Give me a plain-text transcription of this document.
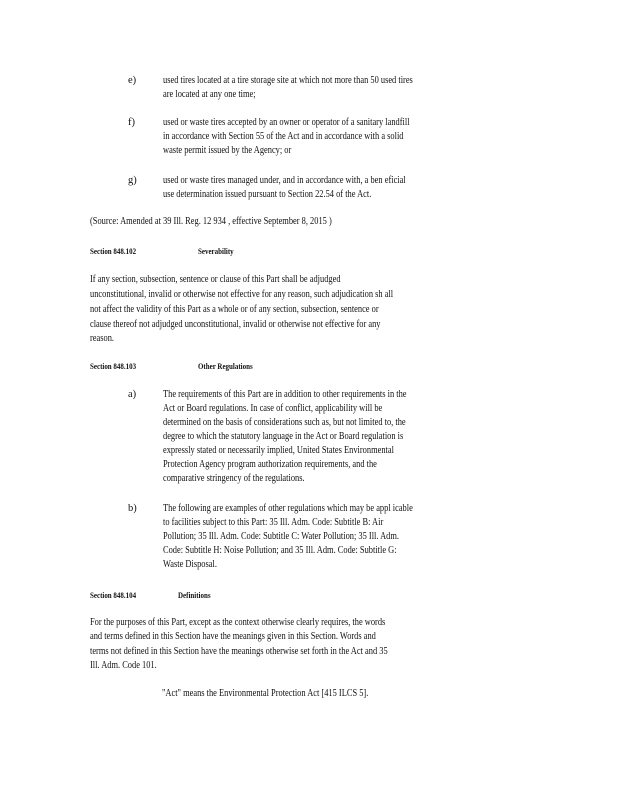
e)	used tires located at a tire storage site at which not more than 50 used tires
are located at any one time;
f)	used or waste tires accepted by an owner or operator of a sanitary landfill
in accordance with Section 55 of the Act and in accordance with a solid
waste permit issued by the Agency; or
g)	used or waste tires managed under, and in accordance with, a ben eficial
use determination issued pursuant to Section 22.54 of the Act.
(Source: Amended at 39 Ill. Reg. 12 934 , effective September 8, 2015 )
Section 848.102	Severability
If any section, subsection, sentence or clause of this Part shall be adjudged
unconstitutional, invalid or otherwise not effective for any reason, such adjudication sh all
not affect the validity of this Part as a whole or of any section, subsection, sentence or
clause thereof not adjudged unconstitutional, invalid or otherwise not effective for any
reason.
Section 848.103	Other Regulations
a)	The requirements of this Part are in addition to other requirements in the
Act or Board regulations. In case of conflict, applicability will be
determined on the basis of considerations such as, but not limited to, the
degree to which the statutory language in the Act or Board regulation is
expressly stated or necessarily implied, United States Environmental
Protection Agency program authorization requirements, and the
comparative stringency of the regulations.
b)	The following are examples of other regulations which may be appl icable
to facilities subject to this Part: 35 Ill. Adm. Code: Subtitle B: Air
Pollution; 35 Ill. Adm. Code: Subtitle C: Water Pollution; 35 Ill. Adm.
Code: Subtitle H: Noise Pollution; and 35 Ill. Adm. Code: Subtitle G:
Waste Disposal.
Section 848.104	Definitions
For the purposes of this Part, except as the context otherwise clearly requires, the words
and terms defined in this Section have the meanings given in this Section. Words and
terms not defined in this Section have the meanings otherwise set forth in the Act and 35
Ill. Adm. Code 101.
"Act" means the Environmental Protection Act [415 ILCS 5].
